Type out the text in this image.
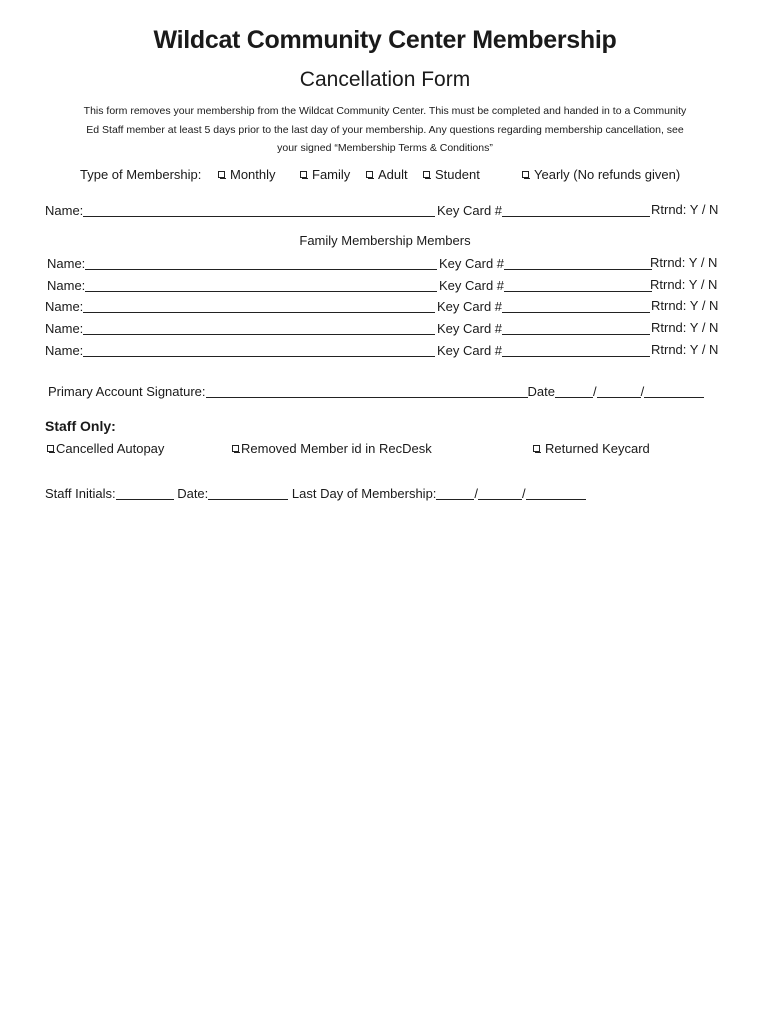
Wildcat Community Center Membership
Cancellation Form
This form removes your membership from the Wildcat Community Center. This must be completed and handed in to a Community
Ed Staff member at least 5 days prior to the last day of your membership. Any questions regarding membership cancellation, see
your signed “Membership Terms & Conditions”
Type of Membership:	Monthly	Family	Adult	Student	Yearly (No refunds given)
Name:	Key Card #	Rtrnd: Y / N
Family Membership Members
Name:	Key Card #	Rtrnd: Y / N
Name:	Key Card #	Rtrnd: Y / N
Name:	Key Card #	Rtrnd: Y / N
Name:	Key Card #	Rtrnd: Y / N
Name:	Key Card #	Rtrnd: Y / N
Primary Account Signature:	Date	/	/
Staff Only:
Cancelled Autopay	Removed Member id in RecDesk	Returned Keycard
Staff Initials:	Date:	Last Day of Membership:	/	/
